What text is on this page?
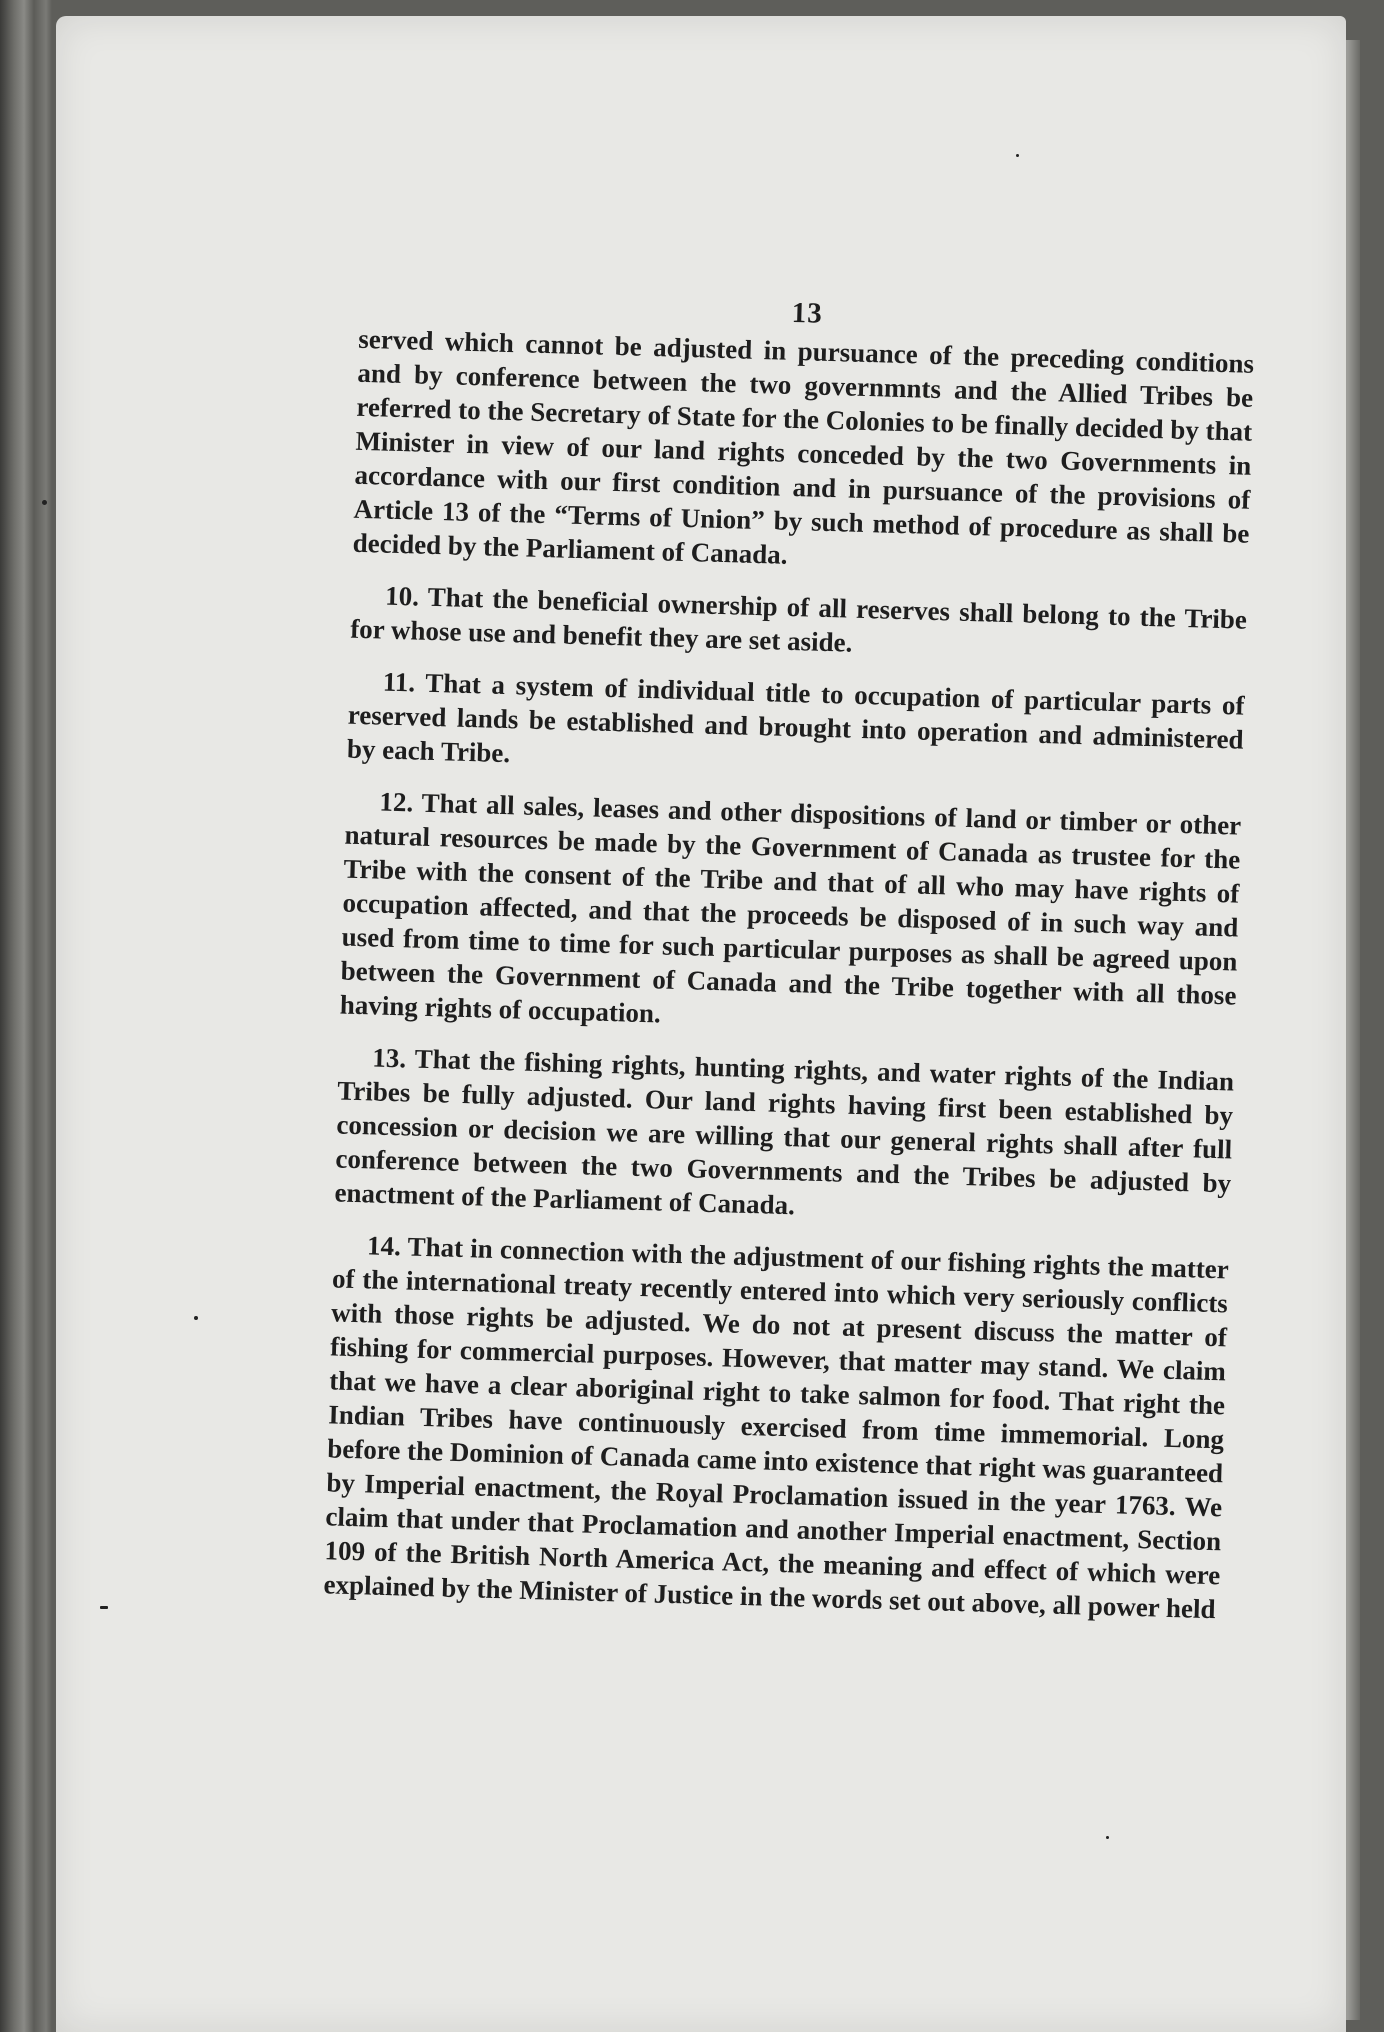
13

served which cannot be adjusted in pursuance of the preceding conditions and by conference between the two governmnts and the Allied Tribes be referred to the Secretary of State for the Colonies to be finally decided by that Minister in view of our land rights conceded by the two Governments in accordance with our first condition and in pursuance of the provisions of Article 13 of the “Terms of Union” by such method of procedure as shall be decided by the Parliament of Canada.

10. That the beneficial ownership of all reserves shall belong to the Tribe for whose use and benefit they are set aside.

11. That a system of individual title to occupation of particular parts of reserved lands be established and brought into operation and administered by each Tribe.

12. That all sales, leases and other dispositions of land or timber or other natural resources be made by the Government of Canada as trustee for the Tribe with the consent of the Tribe and that of all who may have rights of occupation affected, and that the proceeds be disposed of in such way and used from time to time for such particular purposes as shall be agreed upon between the Government of Canada and the Tribe together with all those having rights of occupation.

13. That the fishing rights, hunting rights, and water rights of the Indian Tribes be fully adjusted. Our land rights having first been established by concession or decision we are willing that our general rights shall after full conference between the two Governments and the Tribes be adjusted by enactment of the Parliament of Canada.

14. That in connection with the adjustment of our fishing rights the matter of the international treaty recently entered into which very seriously conflicts with those rights be adjusted. We do not at present discuss the matter of fishing for commercial purposes. However, that matter may stand. We claim that we have a clear aboriginal right to take salmon for food. That right the Indian Tribes have continuously exercised from time immemorial. Long before the Dominion of Canada came into existence that right was guaranteed by Imperial enactment, the Royal Proclamation issued in the year 1763. We claim that under that Proclamation and another Imperial enactment, Section 109 of the British North America Act, the meaning and effect of which were explained by the Minister of Justice in the words set out above, all power held
